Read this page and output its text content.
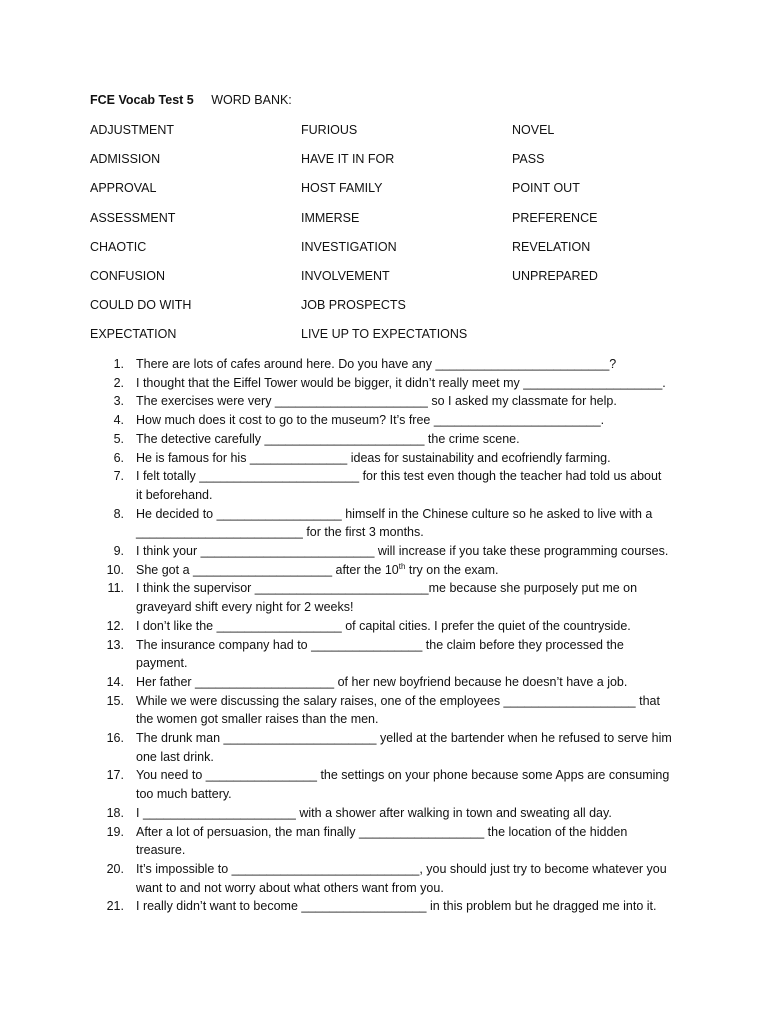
FCE Vocab Test 5 WORD BANK:
ADJUSTMENT	FURIOUS	NOVEL
ADMISSION	HAVE IT IN FOR	PASS
APPROVAL	HOST FAMILY	POINT OUT
ASSESSMENT	IMMERSE	PREFERENCE
CHAOTIC	INVESTIGATION	REVELATION
CONFUSION	INVOLVEMENT	UNPREPARED
COULD DO WITH	JOB PROSPECTS
EXPECTATION	LIVE UP TO EXPECTATIONS
1. There are lots of cafes around here. Do you have any _________________________?
2. I thought that the Eiffel Tower would be bigger, it didn’t really meet my ____________________.
3. The exercises were very ______________________ so I asked my classmate for help.
4. How much does it cost to go to the museum? It’s free ________________________.
5. The detective carefully _______________________ the crime scene.
6. He is famous for his ______________ ideas for sustainability and ecofriendly farming.
7. I felt totally _______________________ for this test even though the teacher had told us about
it beforehand.
8. He decided to __________________ himself in the Chinese culture so he asked to live with a
________________________ for the first 3 months.
9. I think your _________________________ will increase if you take these programming courses.
10. She got a ____________________ after the 10th try on the exam.
11. I think the supervisor _________________________me because she purposely put me on
graveyard shift every night for 2 weeks!
12. I don’t like the __________________ of capital cities. I prefer the quiet of the countryside.
13. The insurance company had to ________________ the claim before they processed the
payment.
14. Her father ____________________ of her new boyfriend because he doesn’t have a job.
15. While we were discussing the salary raises, one of the employees ___________________ that
the women got smaller raises than the men.
16. The drunk man ______________________ yelled at the bartender when he refused to serve him
one last drink.
17. You need to ________________ the settings on your phone because some Apps are consuming
too much battery.
18. I ______________________ with a shower after walking in town and sweating all day.
19. After a lot of persuasion, the man finally __________________ the location of the hidden
treasure.
20. It’s impossible to ___________________________, you should just try to become whatever you
want to and not worry about what others want from you.
21. I really didn’t want to become __________________ in this problem but he dragged me into it.
